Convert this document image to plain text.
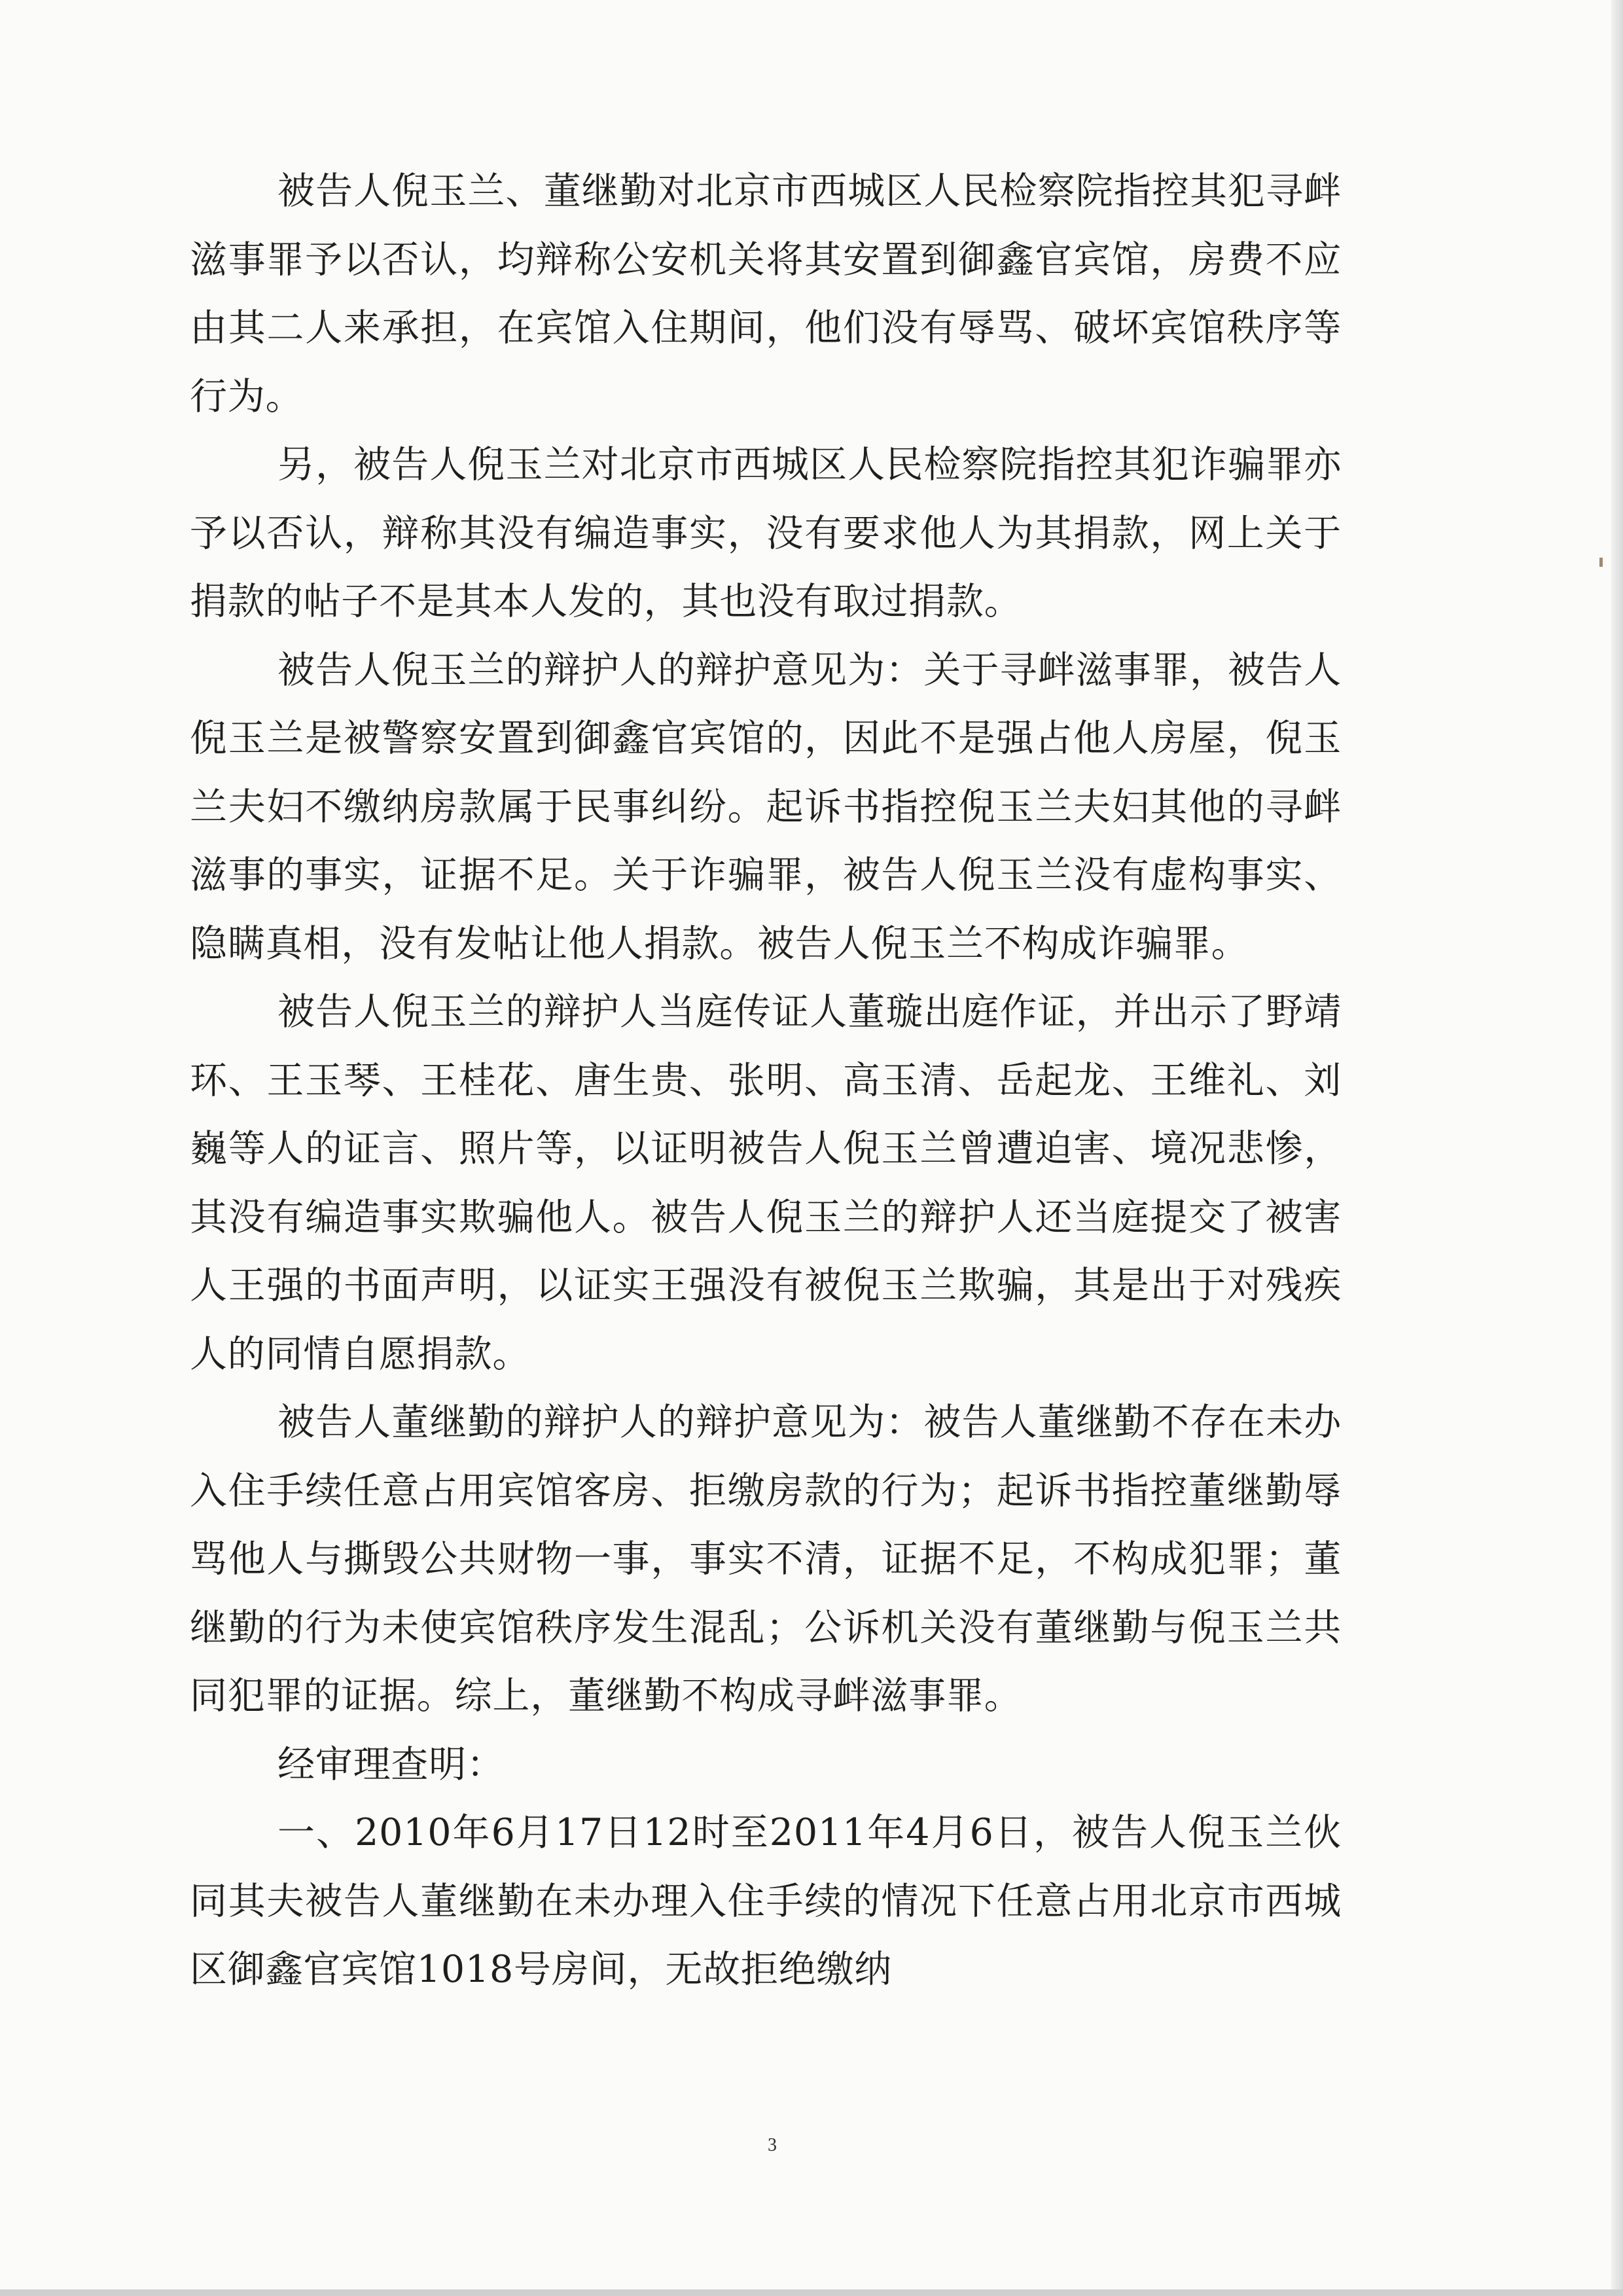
被告人倪玉兰、董继勤对北京市西城区人民检察院指控其犯寻衅滋事罪予以否认，均辩称公安机关将其安置到御鑫官宾馆，房费不应由其二人来承担，在宾馆入住期间，他们没有辱骂、破坏宾馆秩序等行为。

另，被告人倪玉兰对北京市西城区人民检察院指控其犯诈骗罪亦予以否认，辩称其没有编造事实，没有要求他人为其捐款，网上关于捐款的帖子不是其本人发的，其也没有取过捐款。

被告人倪玉兰的辩护人的辩护意见为：关于寻衅滋事罪，被告人倪玉兰是被警察安置到御鑫官宾馆的，因此不是强占他人房屋，倪玉兰夫妇不缴纳房款属于民事纠纷。起诉书指控倪玉兰夫妇其他的寻衅滋事的事实，证据不足。关于诈骗罪，被告人倪玉兰没有虚构事实、隐瞒真相，没有发帖让他人捐款。被告人倪玉兰不构成诈骗罪。

被告人倪玉兰的辩护人当庭传证人董璇出庭作证，并出示了野靖环、王玉琴、王桂花、唐生贵、张明、高玉清、岳起龙、王维礼、刘巍等人的证言、照片等，以证明被告人倪玉兰曾遭迫害、境况悲惨，其没有编造事实欺骗他人。被告人倪玉兰的辩护人还当庭提交了被害人王强的书面声明，以证实王强没有被倪玉兰欺骗，其是出于对残疾人的同情自愿捐款。

被告人董继勤的辩护人的辩护意见为：被告人董继勤不存在未办入住手续任意占用宾馆客房、拒缴房款的行为；起诉书指控董继勤辱骂他人与撕毁公共财物一事，事实不清，证据不足，不构成犯罪；董继勤的行为未使宾馆秩序发生混乱；公诉机关没有董继勤与倪玉兰共同犯罪的证据。综上，董继勤不构成寻衅滋事罪。

经审理查明：

一、2010年6月17日12时至2011年4月6日，被告人倪玉兰伙同其夫被告人董继勤在未办理入住手续的情况下任意占用北京市西城区御鑫官宾馆1018号房间，无故拒绝缴纳

3
